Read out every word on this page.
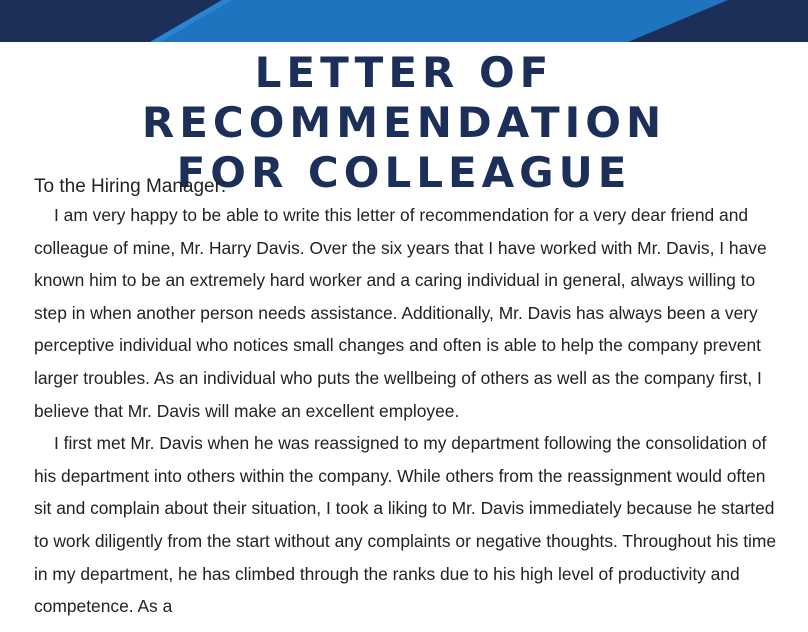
LETTER OF RECOMMENDATION
FOR COLLEAGUE

To the Hiring Manager:

I am very happy to be able to write this letter of recommendation for a very dear friend and colleague of mine, Mr. Harry Davis. Over the six years that I have worked with Mr. Davis, I have known him to be an extremely hard worker and a caring individual in general, always willing to step in when another person needs assistance. Additionally, Mr. Davis has always been a very perceptive individual who notices small changes and often is able to help the company prevent larger troubles. As an individual who puts the wellbeing of others as well as the company first, I believe that Mr. Davis will make an excellent employee.

I first met Mr. Davis when he was reassigned to my department following the consolidation of his department into others within the company. While others from the reassignment would often sit and complain about their situation, I took a liking to Mr. Davis immediately because he started to work diligently from the start without any complaints or negative thoughts. Throughout his time in my department, he has climbed through the ranks due to his high level of productivity and competence. As a
